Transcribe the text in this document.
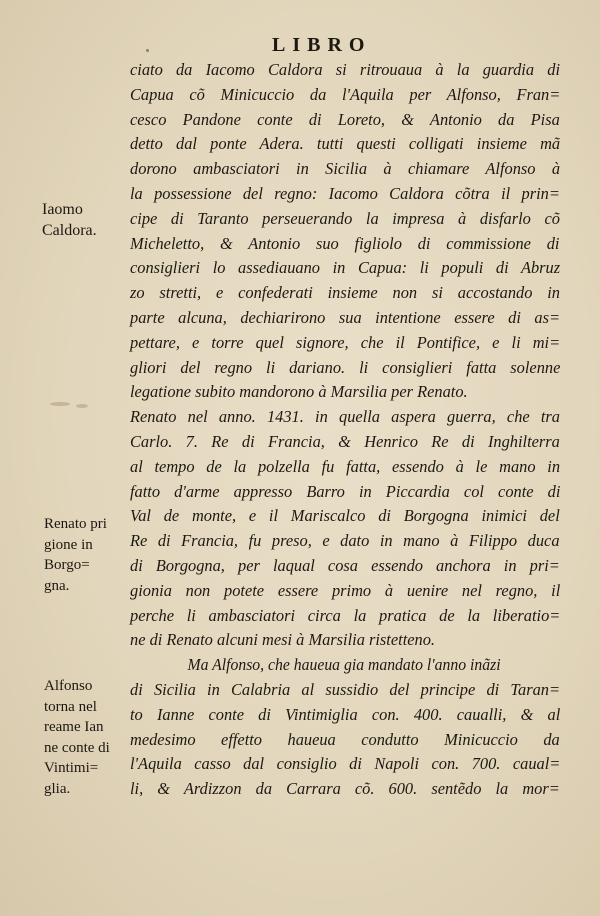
LIBRO
Iaomo
Caldora.
Renato pri
gione in
Borgo=
gna.
Alfonso
torna nel
reame Ian
ne conte di
Vintimi=
glia.
ciato da Iacomo Caldora si ritrouaua à la guardia di
Capua cõ Minicuccio da l'Aquila per Alfonso, Fran=
cesco Pandone conte di Loreto, & Antonio da Pisa
detto dal ponte Adera. tutti questi colligati insieme mã
dorono ambasciatori in Sicilia à chiamare Alfonso à
la possessione del regno: Iacomo Caldora cõtra il prin=
cipe di Taranto perseuerando la impresa à disfarlo cõ
Micheletto, & Antonio suo figliolo di commissione di
consiglieri lo assediauano in Capua: li populi di Abruz
zo stretti, e confederati insieme non si accostando in
parte alcuna, dechiarirono sua intentione essere di as=
pettare, e torre quel signore, che il Pontifice, e li mi=
gliori del regno li dariano. li consiglieri fatta solenne
legatione subito mandorono à Marsilia per Renato.
Renato nel anno. 1431. in quella aspera guerra, che tra
Carlo. 7. Re di Francia, & Henrico Re di Inghilterra
al tempo de la polzella fu fatta, essendo à le mano in
fatto d'arme appresso Barro in Piccardia col conte di
Val de monte, e il Mariscalco di Borgogna inimici del
Re di Francia, fu preso, e dato in mano à Filippo duca
di Borgogna, per laqual cosa essendo anchora in pri=
gionia non potete essere primo à uenire nel regno, il
perche li ambasciatori circa la pratica de la liberatio=
ne di Renato alcuni mesi à Marsilia ristetteno.
Ma Alfonso, che haueua gia mandato l'anno inãzi
di Sicilia in Calabria al sussidio del principe di Taran=
to Ianne conte di Vintimiglia con. 400. caualli, & al
medesimo effetto haueua condutto Minicuccio da
l'Aquila casso dal consiglio di Napoli con. 700. caual=
li, & Ardizzon da Carrara cõ. 600. sentẽdo la mor=
